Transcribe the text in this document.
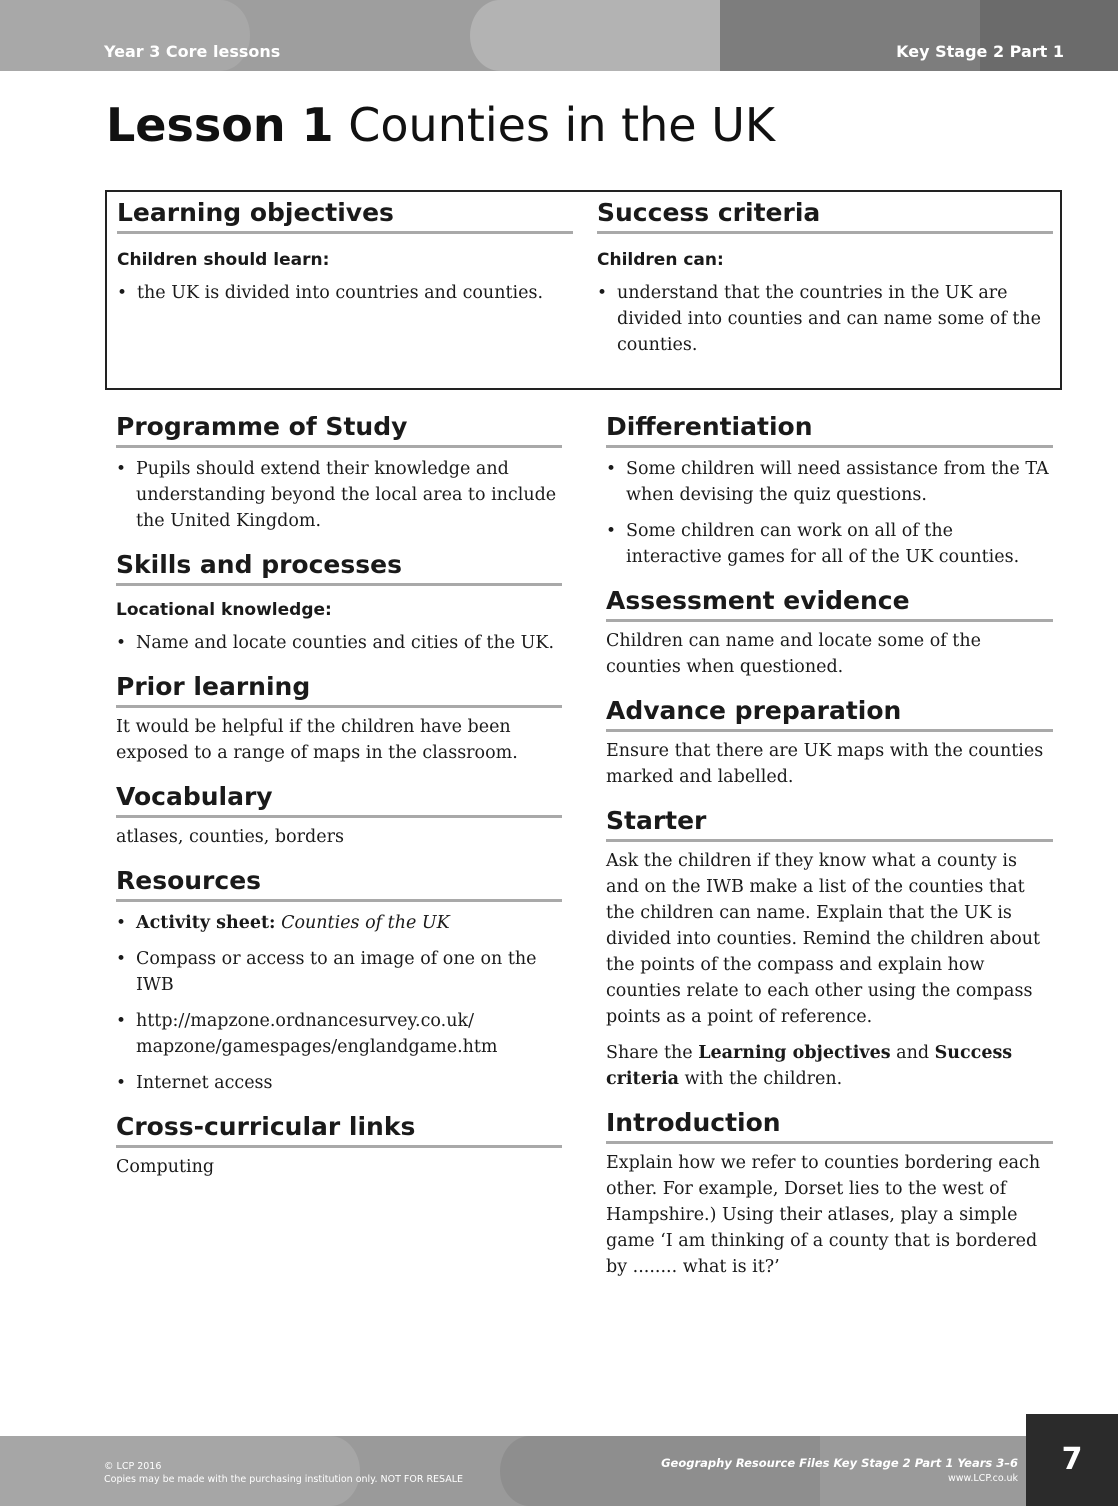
Year 3 Core lessons	Key Stage 2 Part 1
Lesson 1 Counties in the UK
Learning objectives
Children should learn:
• the UK is divided into countries and counties.
Success criteria
Children can:
• understand that the countries in the UK are divided into counties and can name some of the counties.
Programme of Study
• Pupils should extend their knowledge and understanding beyond the local area to include the United Kingdom.
Skills and processes
Locational knowledge:
• Name and locate counties and cities of the UK.
Prior learning

It would be helpful if the children have been exposed to a range of maps in the classroom.

Vocabulary

atlases, counties, borders

Resources
• Activity sheet: Counties of the UK
• Compass or access to an image of one on the IWB
• http://mapzone.ordnancesurvey.co.uk/ mapzone/gamespages/englandgame.htm
• Internet access
Cross-curricular links

Computing

Differentiation
• Some children will need assistance from the TA when devising the quiz questions.
• Some children can work on all of the interactive games for all of the UK counties.
Assessment evidence

Children can name and locate some of the counties when questioned.

Advance preparation

Ensure that there are UK maps with the counties marked and labelled.

Starter

Ask the children if they know what a county is and on the IWB make a list of the counties that the children can name. Explain that the UK is divided into counties. Remind the children about the points of the compass and explain how counties relate to each other using the compass points as a point of reference.

Share the Learning objectives and Success criteria with the children.

Introduction

Explain how we refer to counties bordering each other. For example, Dorset lies to the west of Hampshire.) Using their atlases, play a simple game ‘I am thinking of a county that is bordered by ........ what is it?’

© LCP 2016
Copies may be made with the purchasing institution only. NOT FOR RESALE
Geography Resource Files Key Stage 2 Part 1 Years 3–6
www.LCP.co.uk
7
